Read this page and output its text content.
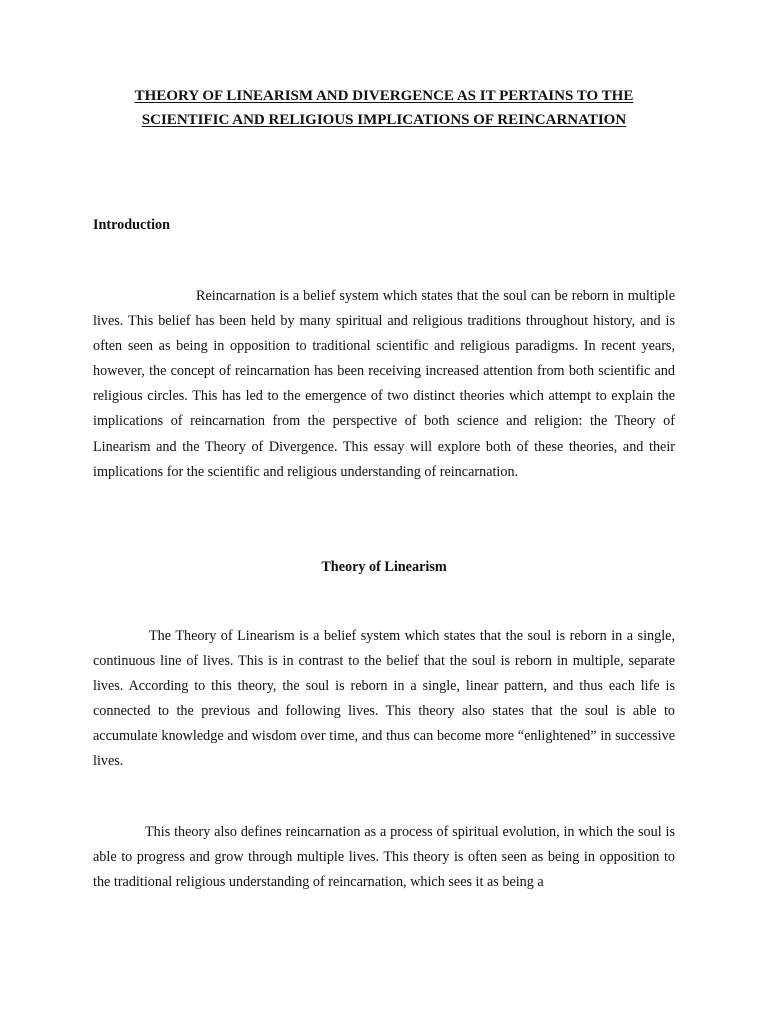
THEORY OF LINEARISM AND DIVERGENCE AS IT PERTAINS TO THE
SCIENTIFIC AND RELIGIOUS IMPLICATIONS OF REINCARNATION
Introduction

Reincarnation is a belief system which states that the soul can be reborn in multiple lives. This belief has been held by many spiritual and religious traditions throughout history, and is often seen as being in opposition to traditional scientific and religious paradigms. In recent years, however, the concept of reincarnation has been receiving increased attention from both scientific and religious circles. This has led to the emergence of two distinct theories which attempt to explain the implications of reincarnation from the perspective of both science and religion: the Theory of Linearism and the Theory of Divergence. This essay will explore both of these theories, and their implications for the scientific and religious understanding of reincarnation.

Theory of Linearism

The Theory of Linearism is a belief system which states that the soul is reborn in a single, continuous line of lives. This is in contrast to the belief that the soul is reborn in multiple, separate lives. According to this theory, the soul is reborn in a single, linear pattern, and thus each life is connected to the previous and following lives. This theory also states that the soul is able to accumulate knowledge and wisdom over time, and thus can become more “enlightened” in successive lives.

This theory also defines reincarnation as a process of spiritual evolution, in which the soul is able to progress and grow through multiple lives. This theory is often seen as being in opposition to the traditional religious understanding of reincarnation, which sees it as being a
